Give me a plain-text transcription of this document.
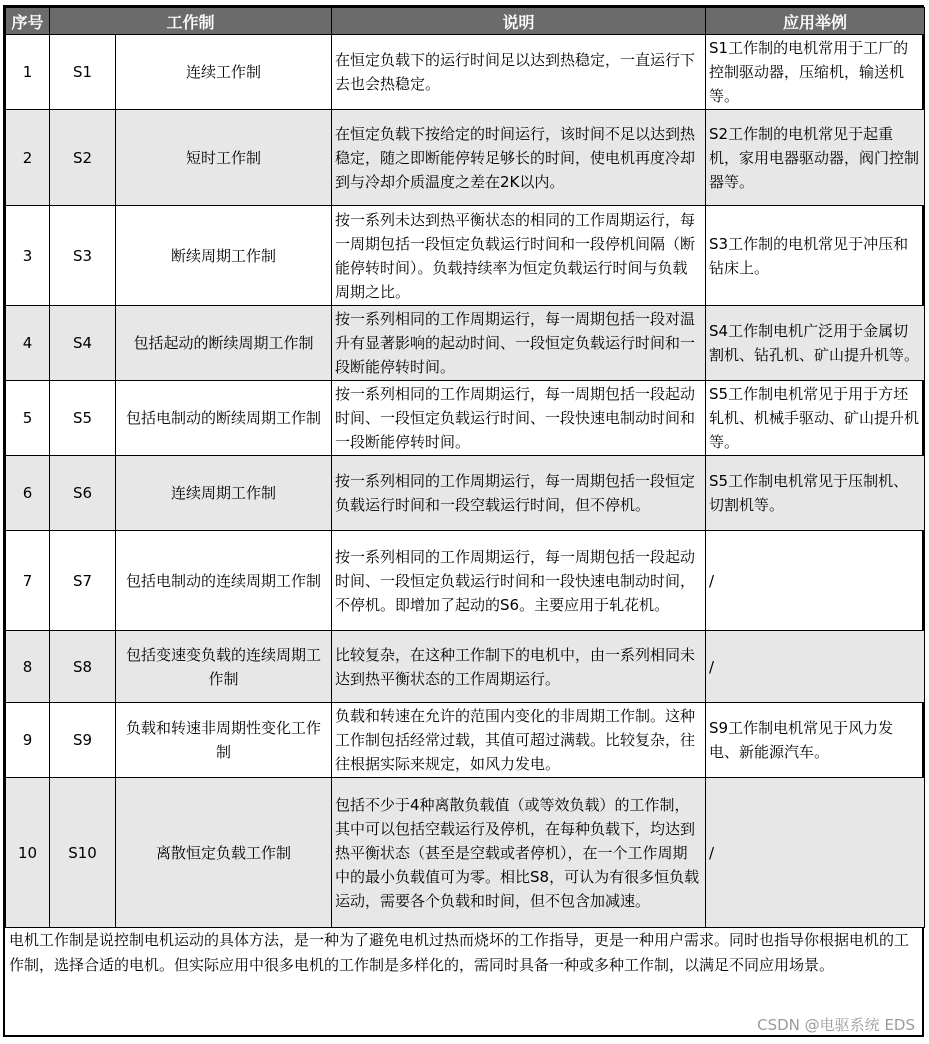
序号	工作制		说明	应用举例
1	S1	连续工作制	在恒定负载下的运行时间足以达到热稳定，一直运行下去也会热稳定。	S1工作制的电机常用于工厂的控制驱动器，压缩机，输送机等。
2	S2	短时工作制	在恒定负载下按给定的时间运行，该时间不足以达到热稳定，随之即断能停转足够长的时间，使电机再度冷却到与冷却介质温度之差在2K以内。	S2工作制的电机常见于起重机，家用电器驱动器，阀门控制器等。
3	S3	断续周期工作制	按一系列未达到热平衡状态的相同的工作周期运行，每一周期包括一段恒定负载运行时间和一段停机间隔（断能停转时间）。负载持续率为恒定负载运行时间与负载周期之比。	S3工作制的电机常见于冲压和钻床上。
4	S4	包括起动的断续周期工作制	按一系列相同的工作周期运行，每一周期包括一段对温升有显著影响的起动时间、一段恒定负载运行时间和一段断能停转时间。	S4工作制电机广泛用于金属切割机、钻孔机、矿山提升机等。
5	S5	包括电制动的断续周期工作制	按一系列相同的工作周期运行，每一周期包括一段起动时间、一段恒定负载运行时间、一段快速电制动时间和一段断能停转时间。	S5工作制电机常见于用于方坯轧机、机械手驱动、矿山提升机等。
6	S6	连续周期工作制	按一系列相同的工作周期运行，每一周期包括一段恒定负载运行时间和一段空载运行时间，但不停机。	S5工作制电机常见于压制机、切割机等。
7	S7	包括电制动的连续周期工作制	按一系列相同的工作周期运行，每一周期包括一段起动时间、一段恒定负载运行时间和一段快速电制动时间，不停机。即增加了起动的S6。主要应用于轧花机。	/
8	S8	包括变速变负载的连续周期工作制	比较复杂，在这种工作制下的电机中，由一系列相同未达到热平衡状态的工作周期运行。	/
9	S9	负载和转速非周期性变化工作制	负载和转速在允许的范围内变化的非周期工作制。这种工作制包括经常过载，其值可超过满载。比较复杂，往往根据实际来规定，如风力发电。	S9工作制电机常见于风力发电、新能源汽车。
10	S10	离散恒定负载工作制	包括不少于4种离散负载值（或等效负载）的工作制，其中可以包括空载运行及停机，在每种负载下，均达到热平衡状态（甚至是空载或者停机），在一个工作周期中的最小负载值可为零。相比S8，可认为有很多恒负载运动，需要各个负载和时间，但不包含加减速。	/
电机工作制是说控制电机运动的具体方法，是一种为了避免电机过热而烧坏的工作指导，更是一种用户需求。同时也指导你根据电机的工作制，选择合适的电机。但实际应用中很多电机的工作制是多样化的，需同时具备一种或多种工作制，以满足不同应用场景。
CSDN @电驱系统 EDS
